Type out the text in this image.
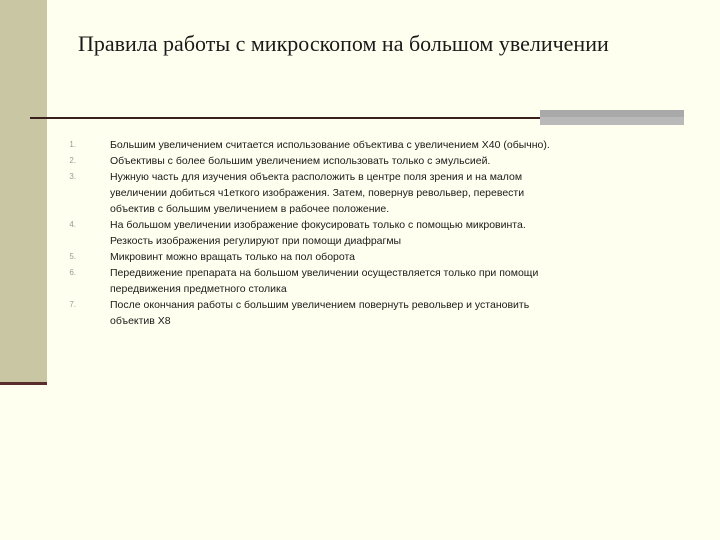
Правила работы с микроскопом на большом увеличении
1.	Большим увеличением считается использование объектива с увеличением Х40 (обычно).
2.	Объективы с более большим увеличением использовать только с эмульсией.
3.	Нужную часть для изучения объекта расположить в центре поля зрения и на малом увеличении добиться ч1еткого изображения. Затем, повернув револьвер, перевести объектив с большим увеличением в рабочее положение.
4.	На большом увеличении изображение фокусировать только с помощью микровинта. Резкость изображения регулируют при помощи диафрагмы
5.	Микровинт можно вращать только на пол оборота
6.	Передвижение препарата на большом увеличении осуществляется только при помощи передвижения предметного столика
7.	После окончания работы с большим увеличением повернуть револьвер и установить объектив Х8
